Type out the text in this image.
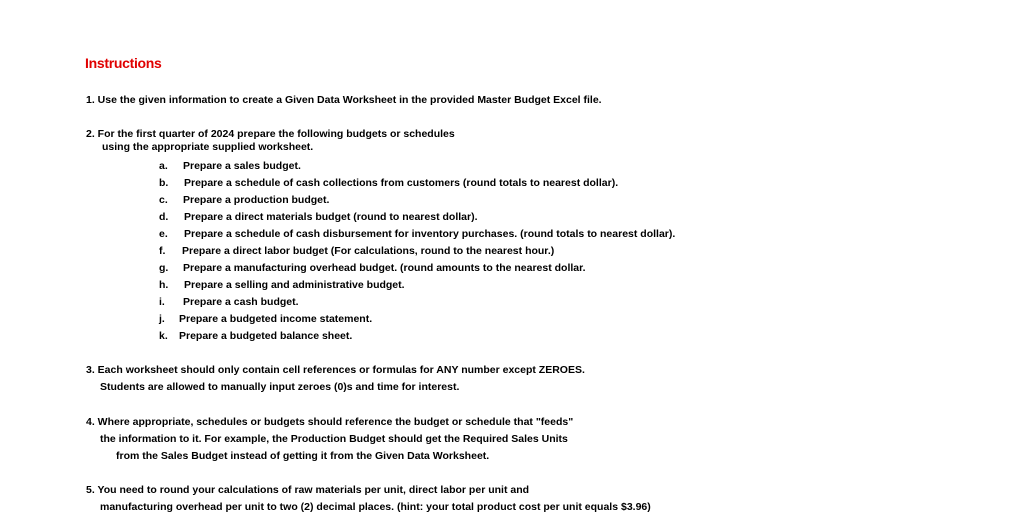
Instructions
1. Use the given information to create a Given Data Worksheet in the provided Master Budget Excel file.
2. For the first quarter of 2024 prepare the following budgets or schedules
using the appropriate supplied worksheet.
a. Prepare a sales budget.
b. Prepare a schedule of cash collections from customers (round totals to nearest dollar).
c. Prepare a production budget.
d. Prepare a direct materials budget (round to nearest dollar).
e. Prepare a schedule of cash disbursement for inventory purchases. (round totals to nearest dollar).
f. Prepare a direct labor budget (For calculations, round to the nearest hour.)
g. Prepare a manufacturing overhead budget. (round amounts to the nearest dollar.
h. Prepare a selling and administrative budget.
i. Prepare a cash budget.
j. Prepare a budgeted income statement.
k. Prepare a budgeted balance sheet.
3. Each worksheet should only contain cell references or formulas for ANY number except ZEROES.
Students are allowed to manually input zeroes (0)s and time for interest.
4. Where appropriate, schedules or budgets should reference the budget or schedule that "feeds"
the information to it. For example, the Production Budget should get the Required Sales Units
from the Sales Budget instead of getting it from the Given Data Worksheet.
5. You need to round your calculations of raw materials per unit, direct labor per unit and
manufacturing overhead per unit to two (2) decimal places. (hint: your total product cost per unit equals $3.96)
